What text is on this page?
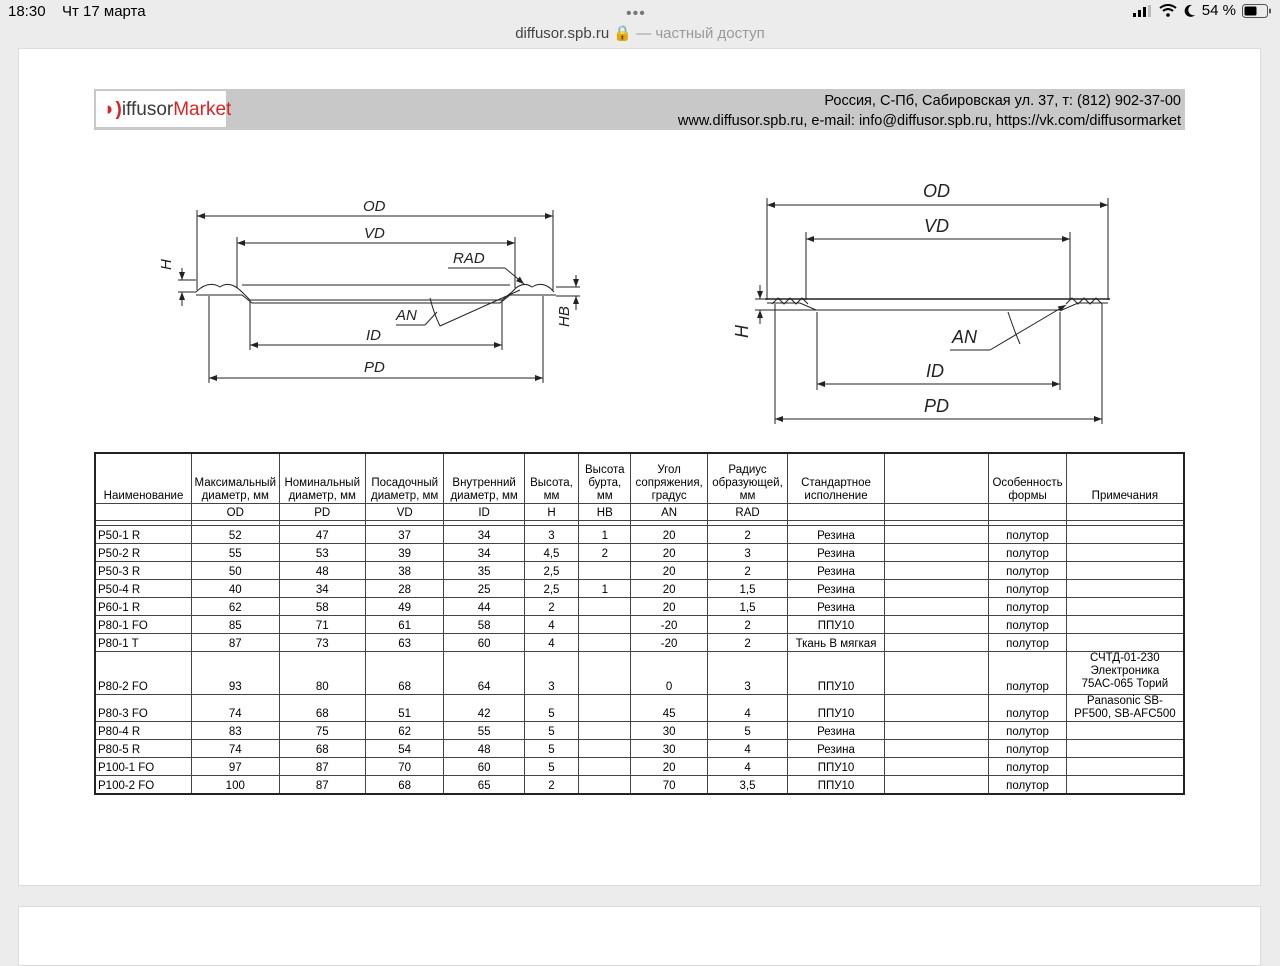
18:30 Чт 17 марта	•••	54 %
diffusor.spb.ru 🔒 — частный доступ
◗)iffusorMarket	Россия, С-Пб, Сабировская ул. 37, т: (812) 902-37-00
www.diffusor.spb.ru, e-mail: info@diffusor.spb.ru, https://vk.com/diffusormarket
OD
VD
RAD
H
HB
AN
ID
PD
OD
VD
H	AN
ID
PD
Наименование	Максимальный диаметр, мм	Номинальный диаметр, мм	Посадочный диаметр, мм	Внутренний диаметр, мм	Высота, мм	Высота бурта, мм	Угол сопряжения, градус	Радиус образующей, мм	Стандартное исполнение		Особенность формы	Примечания
	OD	PD	VD	ID	H	HB	AN	RAD				

P50-1 R	52	47	37	34	3	1	20	2	Резина		полутор	
P50-2 R	55	53	39	34	4,5	2	20	3	Резина		полутор	
P50-3 R	50	48	38	35	2,5		20	2	Резина		полутор	
P50-4 R	40	34	28	25	2,5	1	20	1,5	Резина		полутор	
P60-1 R	62	58	49	44	2		20	1,5	Резина		полутор	
P80-1 FO	85	71	61	58	4		-20	2	ППУ10		полутор	
P80-1 T	87	73	63	60	4		-20	2	Ткань В мягкая		полутор	
P80-2 FO	93	80	68	64	3		0	3	ППУ10		полутор	СЧТД-01-230 Электроника 75АС-065 Торий
P80-3 FO	74	68	51	42	5		45	4	ППУ10		полутор	Panasonic SB-PF500, SB-AFC500
P80-4 R	83	75	62	55	5		30	5	Резина		полутор	
P80-5 R	74	68	54	48	5		30	4	Резина		полутор	
P100-1 FO	97	87	70	60	5		20	4	ППУ10		полутор	
P100-2 FO	100	87	68	65	2		70	3,5	ППУ10		полутор	
